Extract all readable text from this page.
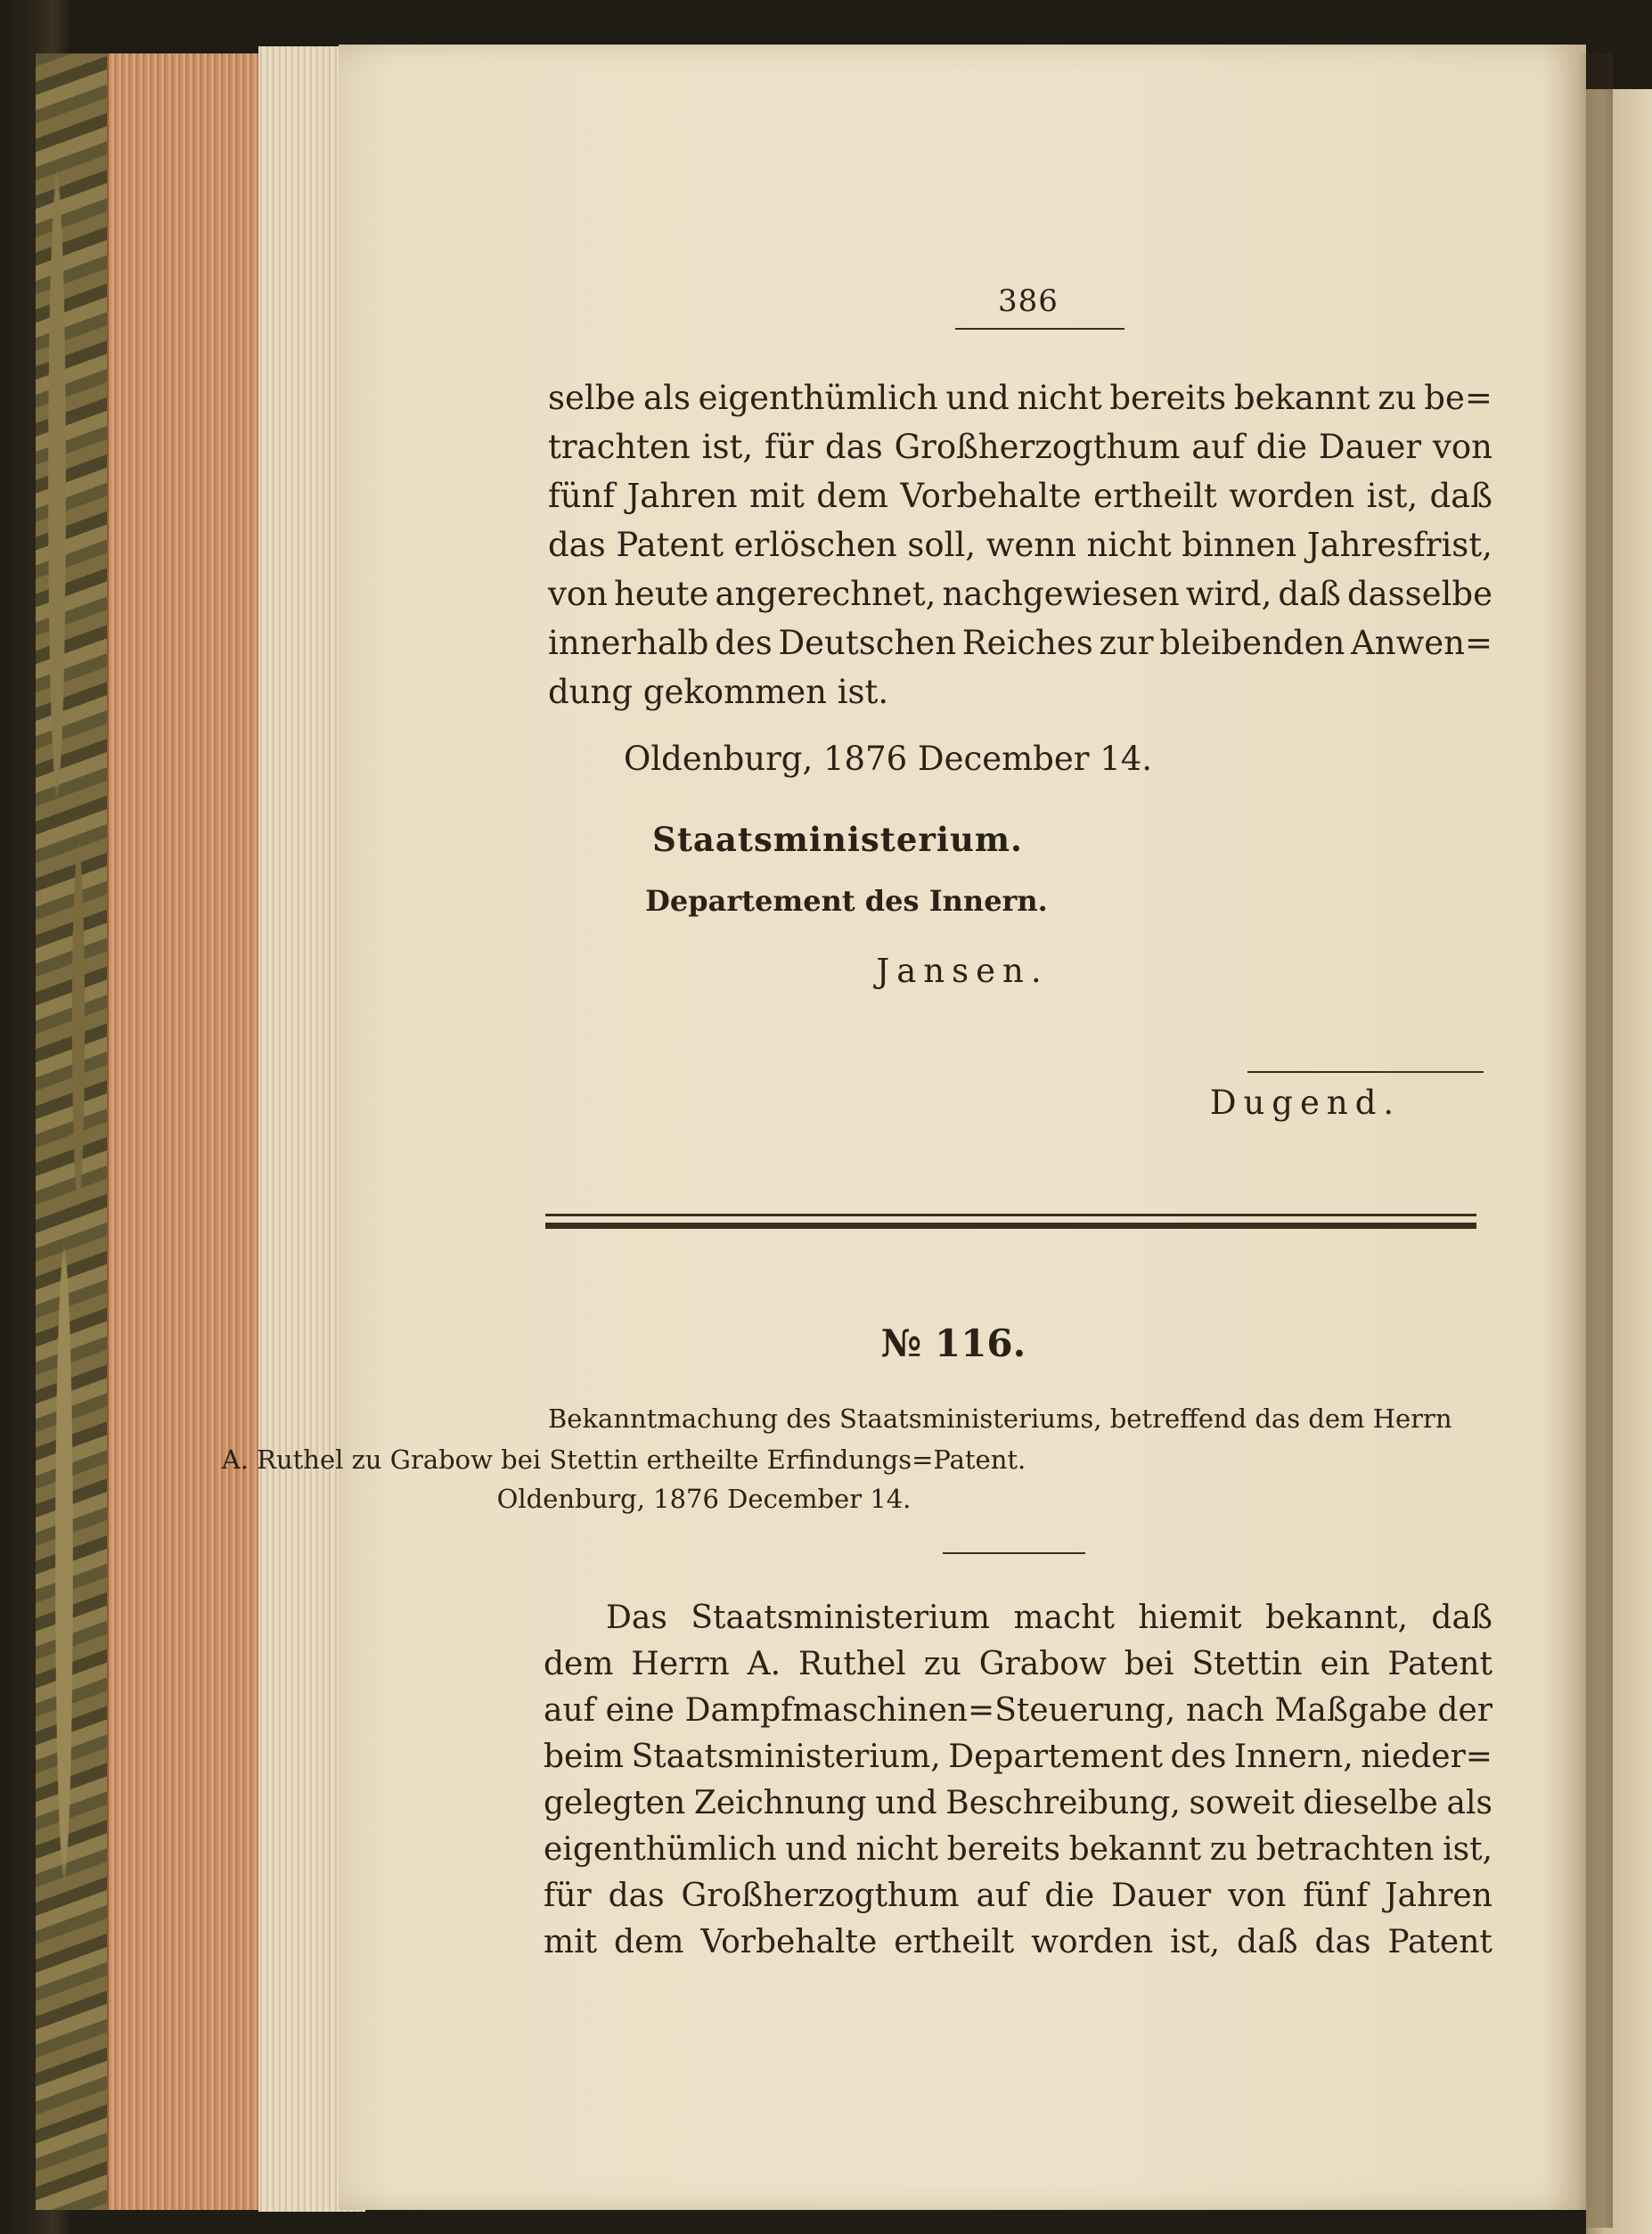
386
selbe als eigenthümlich und nicht bereits bekannt zu be=
trachten ist, für das Großherzogthum auf die Dauer von
fünf Jahren mit dem Vorbehalte ertheilt worden ist, daß
das Patent erlöschen soll, wenn nicht binnen Jahresfrist,
von heute angerechnet, nachgewiesen wird, daß dasselbe
innerhalb des Deutschen Reiches zur bleibenden Anwen=
dung gekommen ist.
Oldenburg, 1876 December 14.
Staatsministerium.
Departement des Innern.
Jansen.
Dugend.
№ 116.
Bekanntmachung des Staatsministeriums, betreffend das dem Herrn
A. Ruthel zu Grabow bei Stettin ertheilte Erfindungs=Patent.
Oldenburg, 1876 December 14.
Das Staatsministerium macht hiemit bekannt, daß
dem Herrn A. Ruthel zu Grabow bei Stettin ein Patent
auf eine Dampfmaschinen=Steuerung, nach Maßgabe der
beim Staatsministerium, Departement des Innern, nieder=
gelegten Zeichnung und Beschreibung, soweit dieselbe als
eigenthümlich und nicht bereits bekannt zu betrachten ist,
für das Großherzogthum auf die Dauer von fünf Jahren
mit dem Vorbehalte ertheilt worden ist, daß das Patent
